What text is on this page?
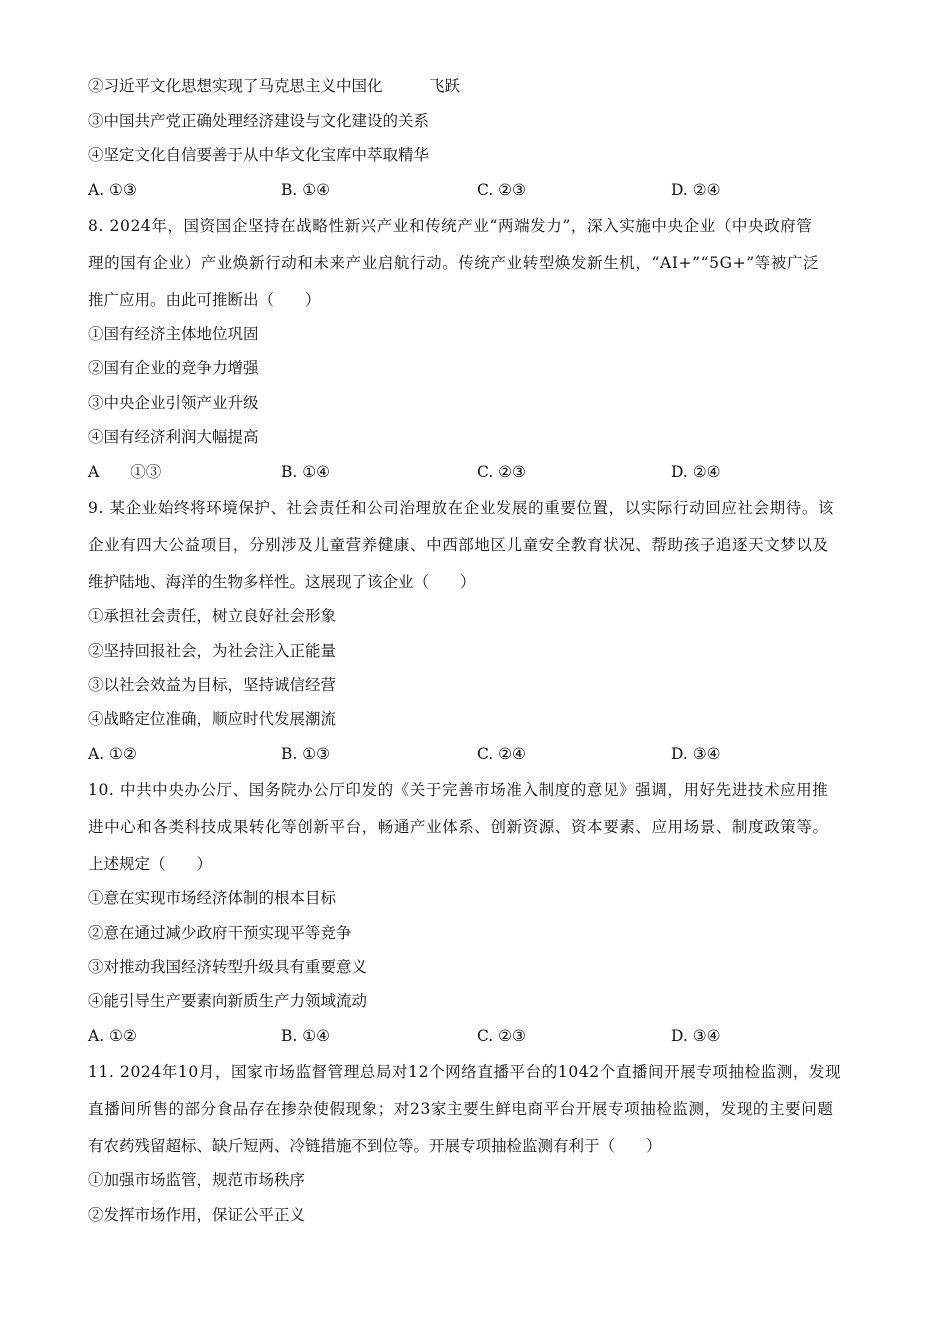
②习近平文化思想实现了马克思主义中国化　　　飞跃
③中国共产党正确处理经济建设与文化建设的关系
④坚定文化自信要善于从中华文化宝库中萃取精华
A. ①③	B. ①④	C. ②③	D. ②④
8. 2024年，国资国企坚持在战略性新兴产业和传统产业“两端发力”，深入实施中央企业（中央政府管
理的国有企业）产业焕新行动和未来产业启航行动。传统产业转型焕发新生机，“AI+”“5G+”等被广泛
推广应用。由此可推断出（　　）
①国有经济主体地位巩固
②国有企业的竞争力增强
③中央企业引领产业升级
④国有经济利润大幅提高
A　　①③	B. ①④	C. ②③	D. ②④
9. 某企业始终将环境保护、社会责任和公司治理放在企业发展的重要位置，以实际行动回应社会期待。该
企业有四大公益项目，分别涉及儿童营养健康、中西部地区儿童安全教育状况、帮助孩子追逐天文梦以及
维护陆地、海洋的生物多样性。这展现了该企业（　　）
①承担社会责任，树立良好社会形象
②坚持回报社会，为社会注入正能量
③以社会效益为目标，坚持诚信经营
④战略定位准确，顺应时代发展潮流
A. ①②	B. ①③	C. ②④	D. ③④
10. 中共中央办公厅、国务院办公厅印发的《关于完善市场准入制度的意见》强调，用好先进技术应用推
进中心和各类科技成果转化等创新平台，畅通产业体系、创新资源、资本要素、应用场景、制度政策等。
上述规定（　　）
①意在实现市场经济体制的根本目标
②意在通过减少政府干预实现平等竞争
③对推动我国经济转型升级具有重要意义
④能引导生产要素向新质生产力领域流动
A. ①②	B. ①④	C. ②③	D. ③④
11. 2024年10月，国家市场监督管理总局对12个网络直播平台的1042个直播间开展专项抽检监测，发现
直播间所售的部分食品存在掺杂使假现象；对23家主要生鲜电商平台开展专项抽检监测，发现的主要问题
有农药残留超标、缺斤短两、冷链措施不到位等。开展专项抽检监测有利于（　　）
①加强市场监管，规范市场秩序
②发挥市场作用，保证公平正义
